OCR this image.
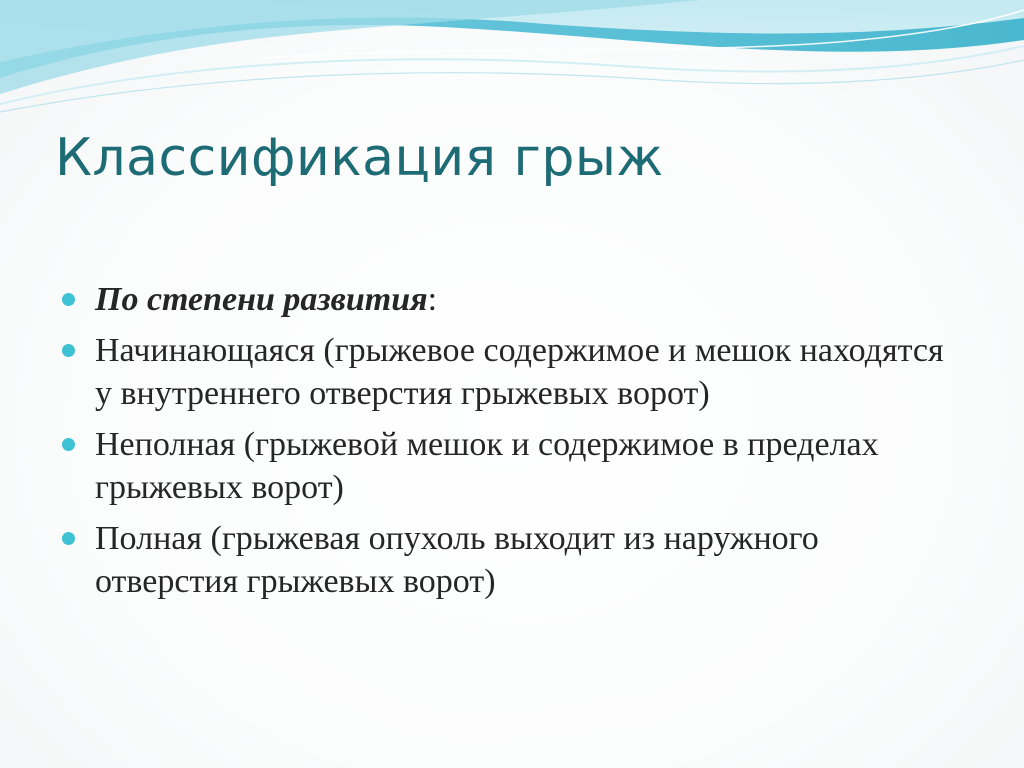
Классификация грыж
По степени развития:
Начинающаяся (грыжевое содержимое и мешок находятся у внутреннего отверстия грыжевых ворот)
Неполная (грыжевой мешок и содержимое в пределах грыжевых ворот)
Полная (грыжевая опухоль выходит из наружного отверстия грыжевых ворот)
